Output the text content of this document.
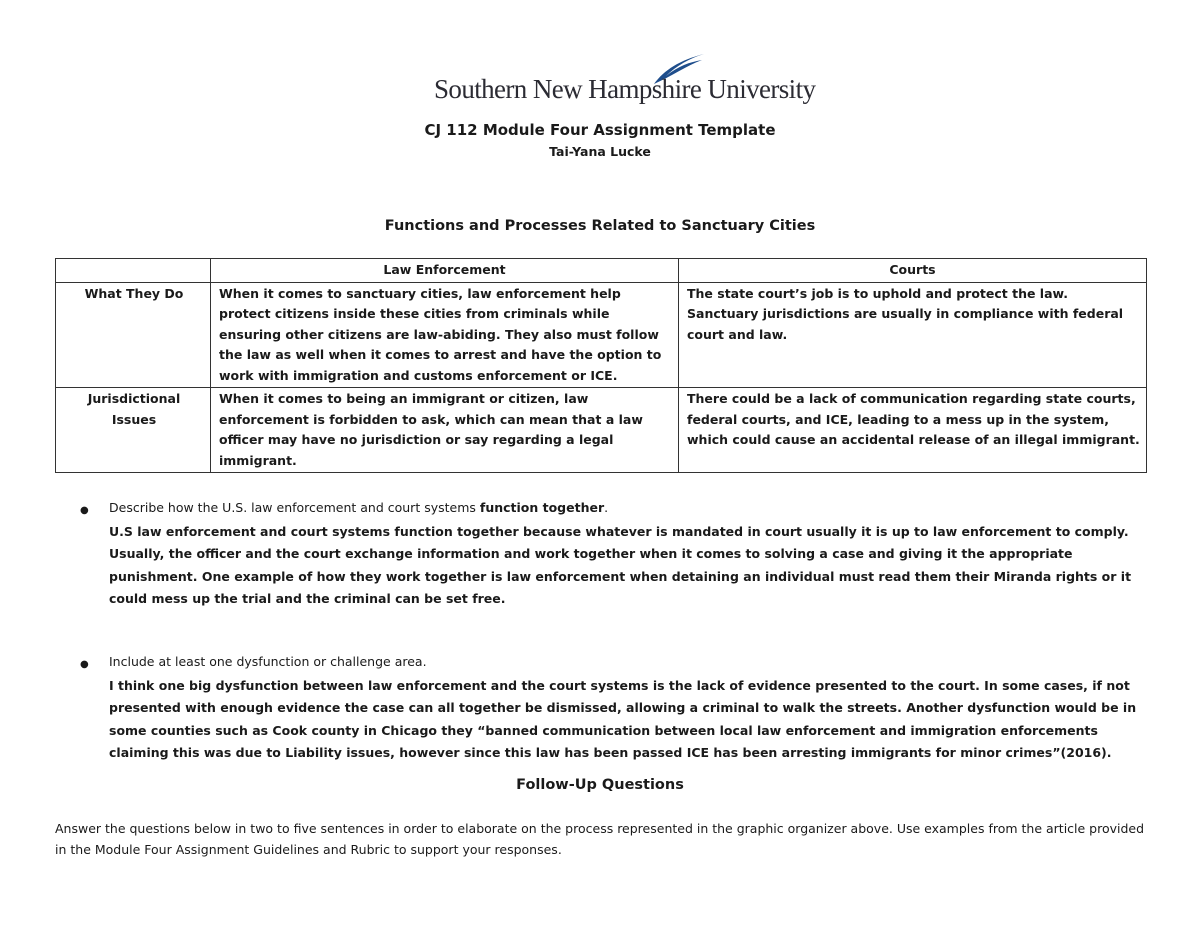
Southern New Hampshire University
CJ 112 Module Four Assignment Template
Tai-Yana Lucke
Functions and Processes Related to Sanctuary Cities
	Law Enforcement	Courts
What They Do	When it comes to sanctuary cities, law enforcement help protect citizens inside these cities from criminals while ensuring other citizens are law-abiding. They also must follow the law as well when it comes to arrest and have the option to work with immigration and customs enforcement or ICE.	The state court’s job is to uphold and protect the law. Sanctuary jurisdictions are usually in compliance with federal court and law.
Jurisdictional Issues	When it comes to being an immigrant or citizen, law enforcement is forbidden to ask, which can mean that a law officer may have no jurisdiction or say regarding a legal immigrant.	There could be a lack of communication regarding state courts, federal courts, and ICE, leading to a mess up in the system, which could cause an accidental release of an illegal immigrant.
● Describe how the U.S. law enforcement and court systems function together.
U.S law enforcement and court systems function together because whatever is mandated in court usually it is up to law enforcement to comply. Usually, the officer and the court exchange information and work together when it comes to solving a case and giving it the appropriate punishment. One example of how they work together is law enforcement when detaining an individual must read them their Miranda rights or it could mess up the trial and the criminal can be set free.
● Include at least one dysfunction or challenge area.
I think one big dysfunction between law enforcement and the court systems is the lack of evidence presented to the court. In some cases, if not presented with enough evidence the case can all together be dismissed, allowing a criminal to walk the streets. Another dysfunction would be in some counties such as Cook county in Chicago they “banned communication between local law enforcement and immigration enforcements claiming this was due to Liability issues, however since this law has been passed ICE has been arresting immigrants for minor crimes”(2016).
Follow-Up Questions
Answer the questions below in two to five sentences in order to elaborate on the process represented in the graphic organizer above. Use examples from the article provided in the Module Four Assignment Guidelines and Rubric to support your responses.
